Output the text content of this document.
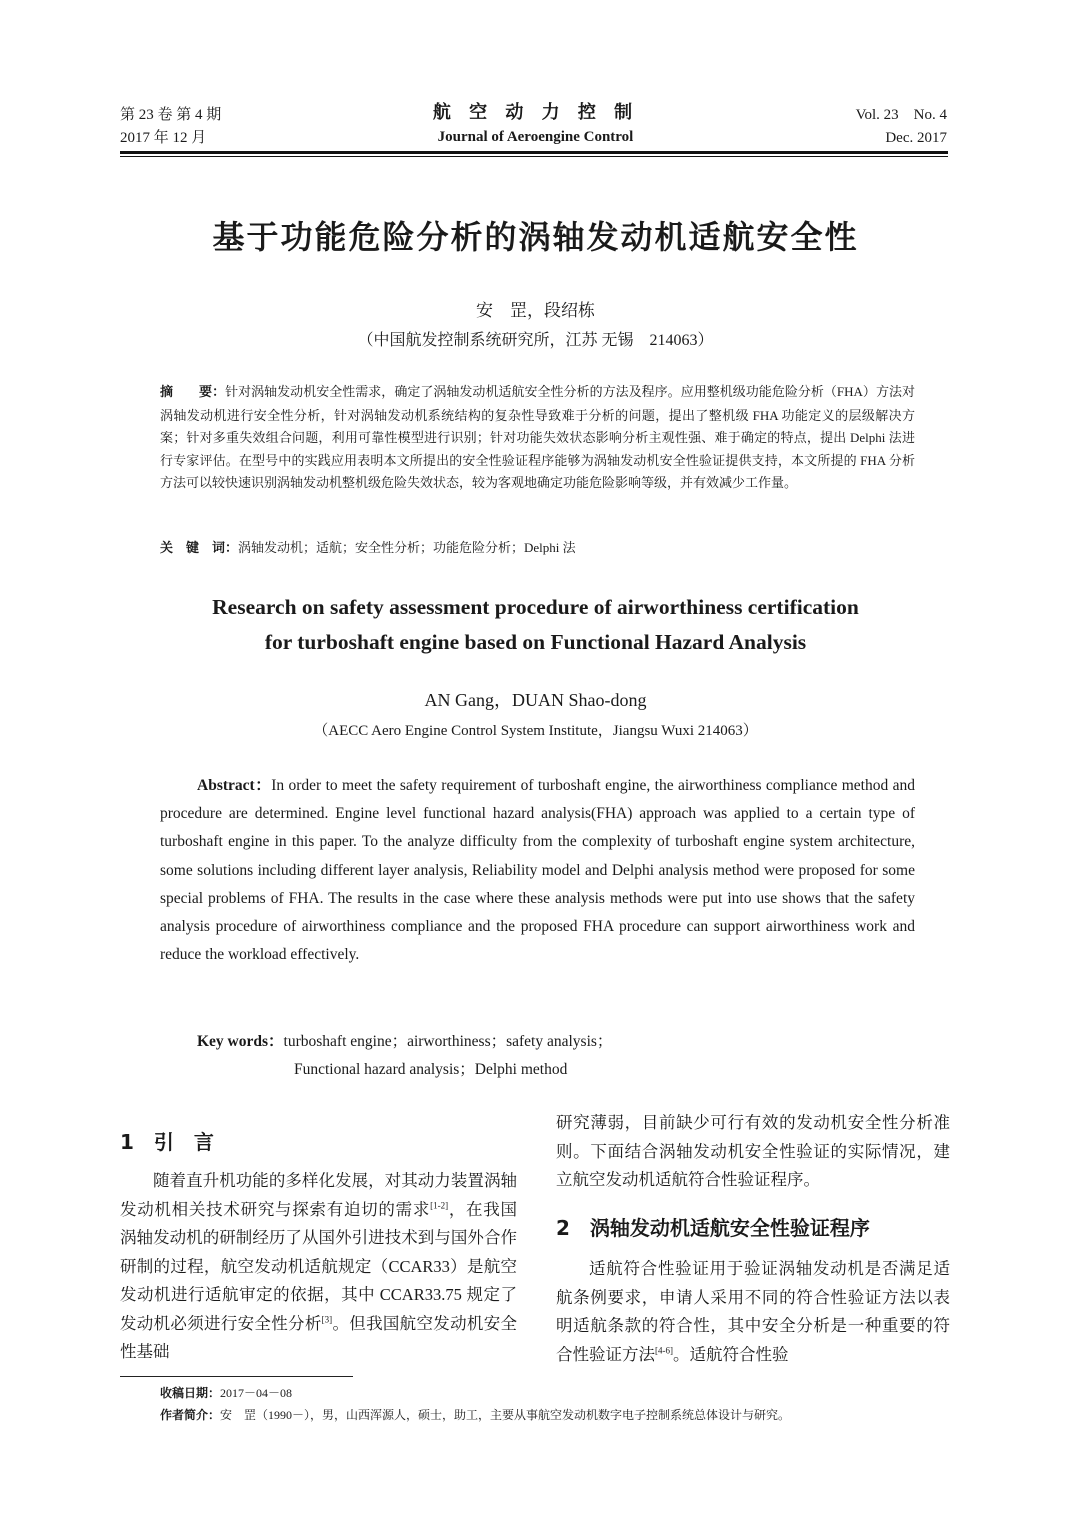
第 23 卷 第 4 期
2017 年 12 月
航 空 动 力 控 制
Journal of Aeroengine Control
Vol. 23　No. 4
Dec. 2017
基于功能危险分析的涡轴发动机适航安全性
安　罡，段绍栋
（中国航发控制系统研究所，江苏 无锡　214063）
摘　　要：针对涡轴发动机安全性需求，确定了涡轴发动机适航安全性分析的方法及程序。应用整机级功能危险分析（FHA）方法对涡轴发动机进行安全性分析，针对涡轴发动机系统结构的复杂性导致难于分析的问题，提出了整机级 FHA 功能定义的层级解决方案；针对多重失效组合问题，利用可靠性模型进行识别；针对功能失效状态影响分析主观性强、难于确定的特点，提出 Delphi 法进行专家评估。在型号中的实践应用表明本文所提出的安全性验证程序能够为涡轴发动机安全性验证提供支持，本文所提的 FHA 分析方法可以较快速识别涡轴发动机整机级危险失效状态，较为客观地确定功能危险影响等级，并有效减少工作量。
关　键　词：涡轴发动机；适航；安全性分析；功能危险分析；Delphi 法
Research on safety assessment procedure of airworthiness certification
for turboshaft engine based on Functional Hazard Analysis
AN Gang，DUAN Shao-dong
（AECC Aero Engine Control System Institute，Jiangsu Wuxi 214063）
Abstract：In order to meet the safety requirement of turboshaft engine, the airworthiness compliance method and procedure are determined. Engine level functional hazard analysis(FHA) approach was applied to a certain type of turboshaft engine in this paper. To the analyze difficulty from the complexity of turboshaft engine system architecture, some solutions including different layer analysis, Reliability model and Delphi analysis method were proposed for some special problems of FHA. The results in the case where these analysis methods were put into use shows that the safety analysis procedure of airworthiness compliance and the proposed FHA procedure can support airworthiness work and reduce the workload effectively.
Key words：turboshaft engine；airworthiness；safety analysis；
Functional hazard analysis；Delphi method
1　引　言
随着直升机功能的多样化发展，对其动力装置涡轴发动机相关技术研究与探索有迫切的需求[1-2]，在我国涡轴发动机的研制经历了从国外引进技术到与国外合作研制的过程，航空发动机适航规定（CCAR33）是航空发动机进行适航审定的依据，其中 CCAR33.75 规定了发动机必须进行安全性分析[3]。但我国航空发动机安全性基础
研究薄弱，目前缺少可行有效的发动机安全性分析准则。下面结合涡轴发动机安全性验证的实际情况，建立航空发动机适航符合性验证程序。
2　涡轴发动机适航安全性验证程序
适航符合性验证用于验证涡轴发动机是否满足适航条例要求，申请人采用不同的符合性验证方法以表明适航条款的符合性，其中安全分析是一种重要的符合性验证方法[4-6]。适航符合性验
收稿日期：2017－04－08
作者简介：安　罡（1990－），男，山西浑源人，硕士，助工，主要从事航空发动机数字电子控制系统总体设计与研究。
